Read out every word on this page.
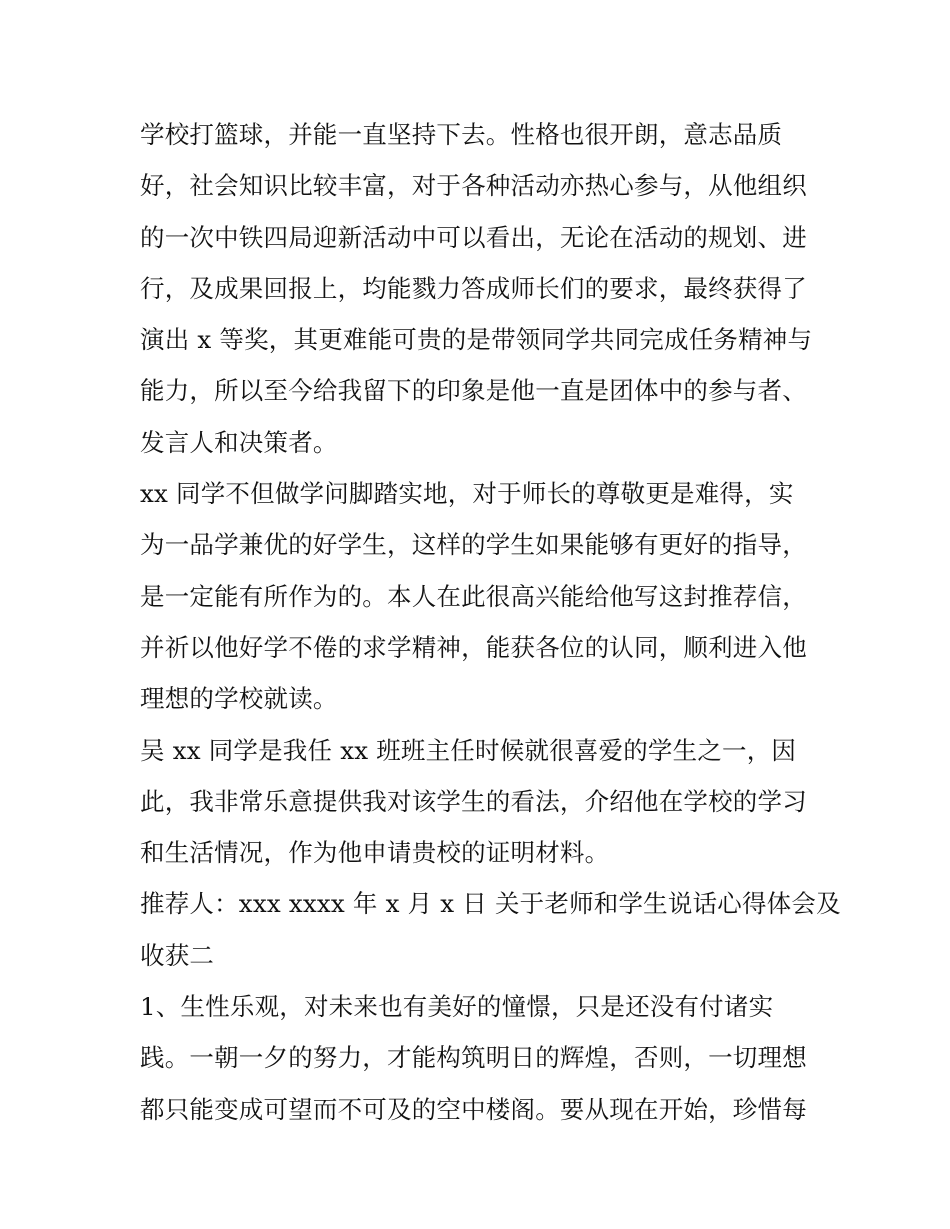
学校打篮球，并能一直坚持下去。性格也很开朗，意志品质
好，社会知识比较丰富，对于各种活动亦热心参与，从他组织
的一次中铁四局迎新活动中可以看出，无论在活动的规划、进
行，及成果回报上，均能戮力答成师长们的要求，最终获得了
演出 x 等奖，其更难能可贵的是带领同学共同完成任务精神与
能力，所以至今给我留下的印象是他一直是团体中的参与者、
发言人和决策者。
xx 同学不但做学问脚踏实地，对于师长的尊敬更是难得，实
为一品学兼优的好学生，这样的学生如果能够有更好的指导，
是一定能有所作为的。本人在此很高兴能给他写这封推荐信，
并祈以他好学不倦的求学精神，能获各位的认同，顺利进入他
理想的学校就读。
吴 xx 同学是我任 xx 班班主任时候就很喜爱的学生之一，因
此，我非常乐意提供我对该学生的看法，介绍他在学校的学习
和生活情况，作为他申请贵校的证明材料。
推荐人：xxx xxxx 年 x 月 x 日 关于老师和学生说话心得体会及
收获二
1、生性乐观，对未来也有美好的憧憬，只是还没有付诸实
践。一朝一夕的努力，才能构筑明日的辉煌，否则，一切理想
都只能变成可望而不可及的空中楼阁。要从现在开始，珍惜每
